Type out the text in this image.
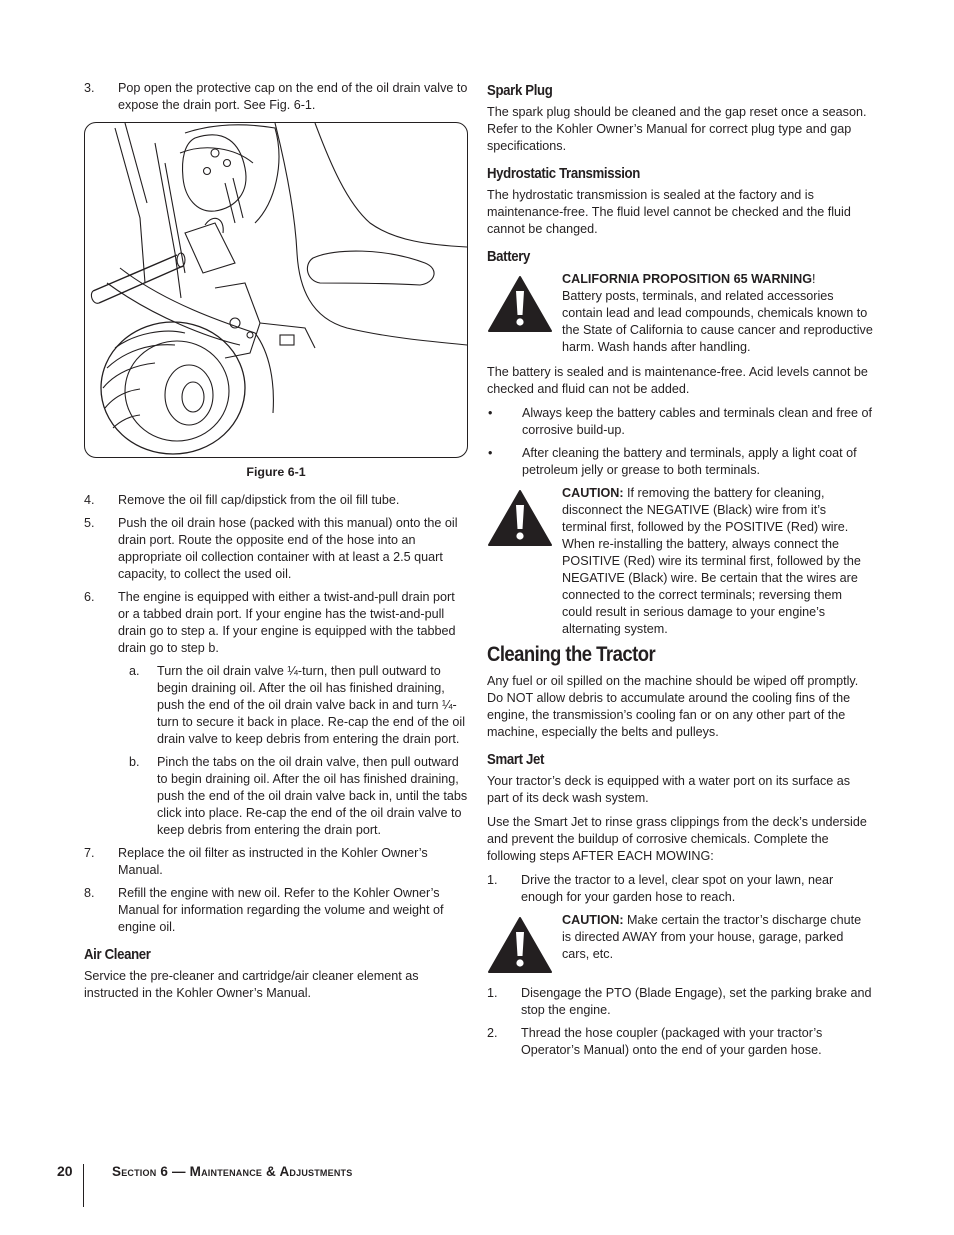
3. Pop open the protective cap on the end of the oil drain valve to expose the drain port. See Fig. 6-1.
Figure 6-1
4. Remove the oil fill cap/dipstick from the oil fill tube.
5. Push the oil drain hose (packed with this manual) onto the oil drain port. Route the opposite end of the hose into an appropriate oil collection container with at least a 2.5 quart capacity, to collect the used oil.
6. The engine is equipped with either a twist-and-pull drain port or a tabbed drain port. If your engine has the twist-and-pull drain go to step a. If your engine is equipped with the tabbed drain go to step b.
a. Turn the oil drain valve ¼-turn, then pull outward to begin draining oil. After the oil has finished draining, push the end of the oil drain valve back in and turn ¼-turn to secure it back in place. Re-cap the end of the oil drain valve to keep debris from entering the drain port.
b. Pinch the tabs on the oil drain valve, then pull outward to begin draining oil. After the oil has finished draining, push the end of the oil drain valve back in, until the tabs click into place. Re-cap the end of the oil drain valve to keep debris from entering the drain port.
7. Replace the oil filter as instructed in the Kohler Owner’s Manual.
8. Refill the engine with new oil. Refer to the Kohler Owner’s Manual for information regarding the volume and weight of engine oil.
Air Cleaner

Service the pre-cleaner and cartridge/air cleaner element as instructed in the Kohler Owner’s Manual.

Spark Plug

The spark plug should be cleaned and the gap reset once a season. Refer to the Kohler Owner’s Manual for correct plug type and gap specifications.

Hydrostatic Transmission

The hydrostatic transmission is sealed at the factory and is maintenance-free. The fluid level cannot be checked and the fluid cannot be changed.

Battery
CALIFORNIA PROPOSITION 65 WARNING!
Battery posts, terminals, and related accessories contain lead and lead compounds, chemicals known to the State of California to cause cancer and reproductive harm. Wash hands after handling.

The battery is sealed and is maintenance-free. Acid levels cannot be checked and fluid can not be added.

• Always keep the battery cables and terminals clean and free of corrosive build-up.
• After cleaning the battery and terminals, apply a light coat of petroleum jelly or grease to both terminals.
CAUTION: If removing the battery for cleaning, disconnect the NEGATIVE (Black) wire from it’s terminal first, followed by the POSITIVE (Red) wire. When re-installing the battery, always connect the POSITIVE (Red) wire its terminal first, followed by the NEGATIVE (Black) wire. Be certain that the wires are connected to the correct terminals; reversing them could result in serious damage to your engine’s alternating system.
Cleaning the Tractor

Any fuel or oil spilled on the machine should be wiped off promptly. Do NOT allow debris to accumulate around the cooling fins of the engine, the transmission’s cooling fan or on any other part of the machine, especially the belts and pulleys.

Smart Jet

Your tractor’s deck is equipped with a water port on its surface as part of its deck wash system.

Use the Smart Jet to rinse grass clippings from the deck’s underside and prevent the buildup of corrosive chemicals. Complete the following steps AFTER EACH MOWING:

1. Drive the tractor to a level, clear spot on your lawn, near enough for your garden hose to reach.
CAUTION: Make certain the tractor’s discharge chute is directed AWAY from your house, garage, parked cars, etc.
1. Disengage the PTO (Blade Engage), set the parking brake and stop the engine.
2. Thread the hose coupler (packaged with your tractor’s Operator’s Manual) onto the end of your garden hose.
20	Section 6 — Maintenance & Adjustments
